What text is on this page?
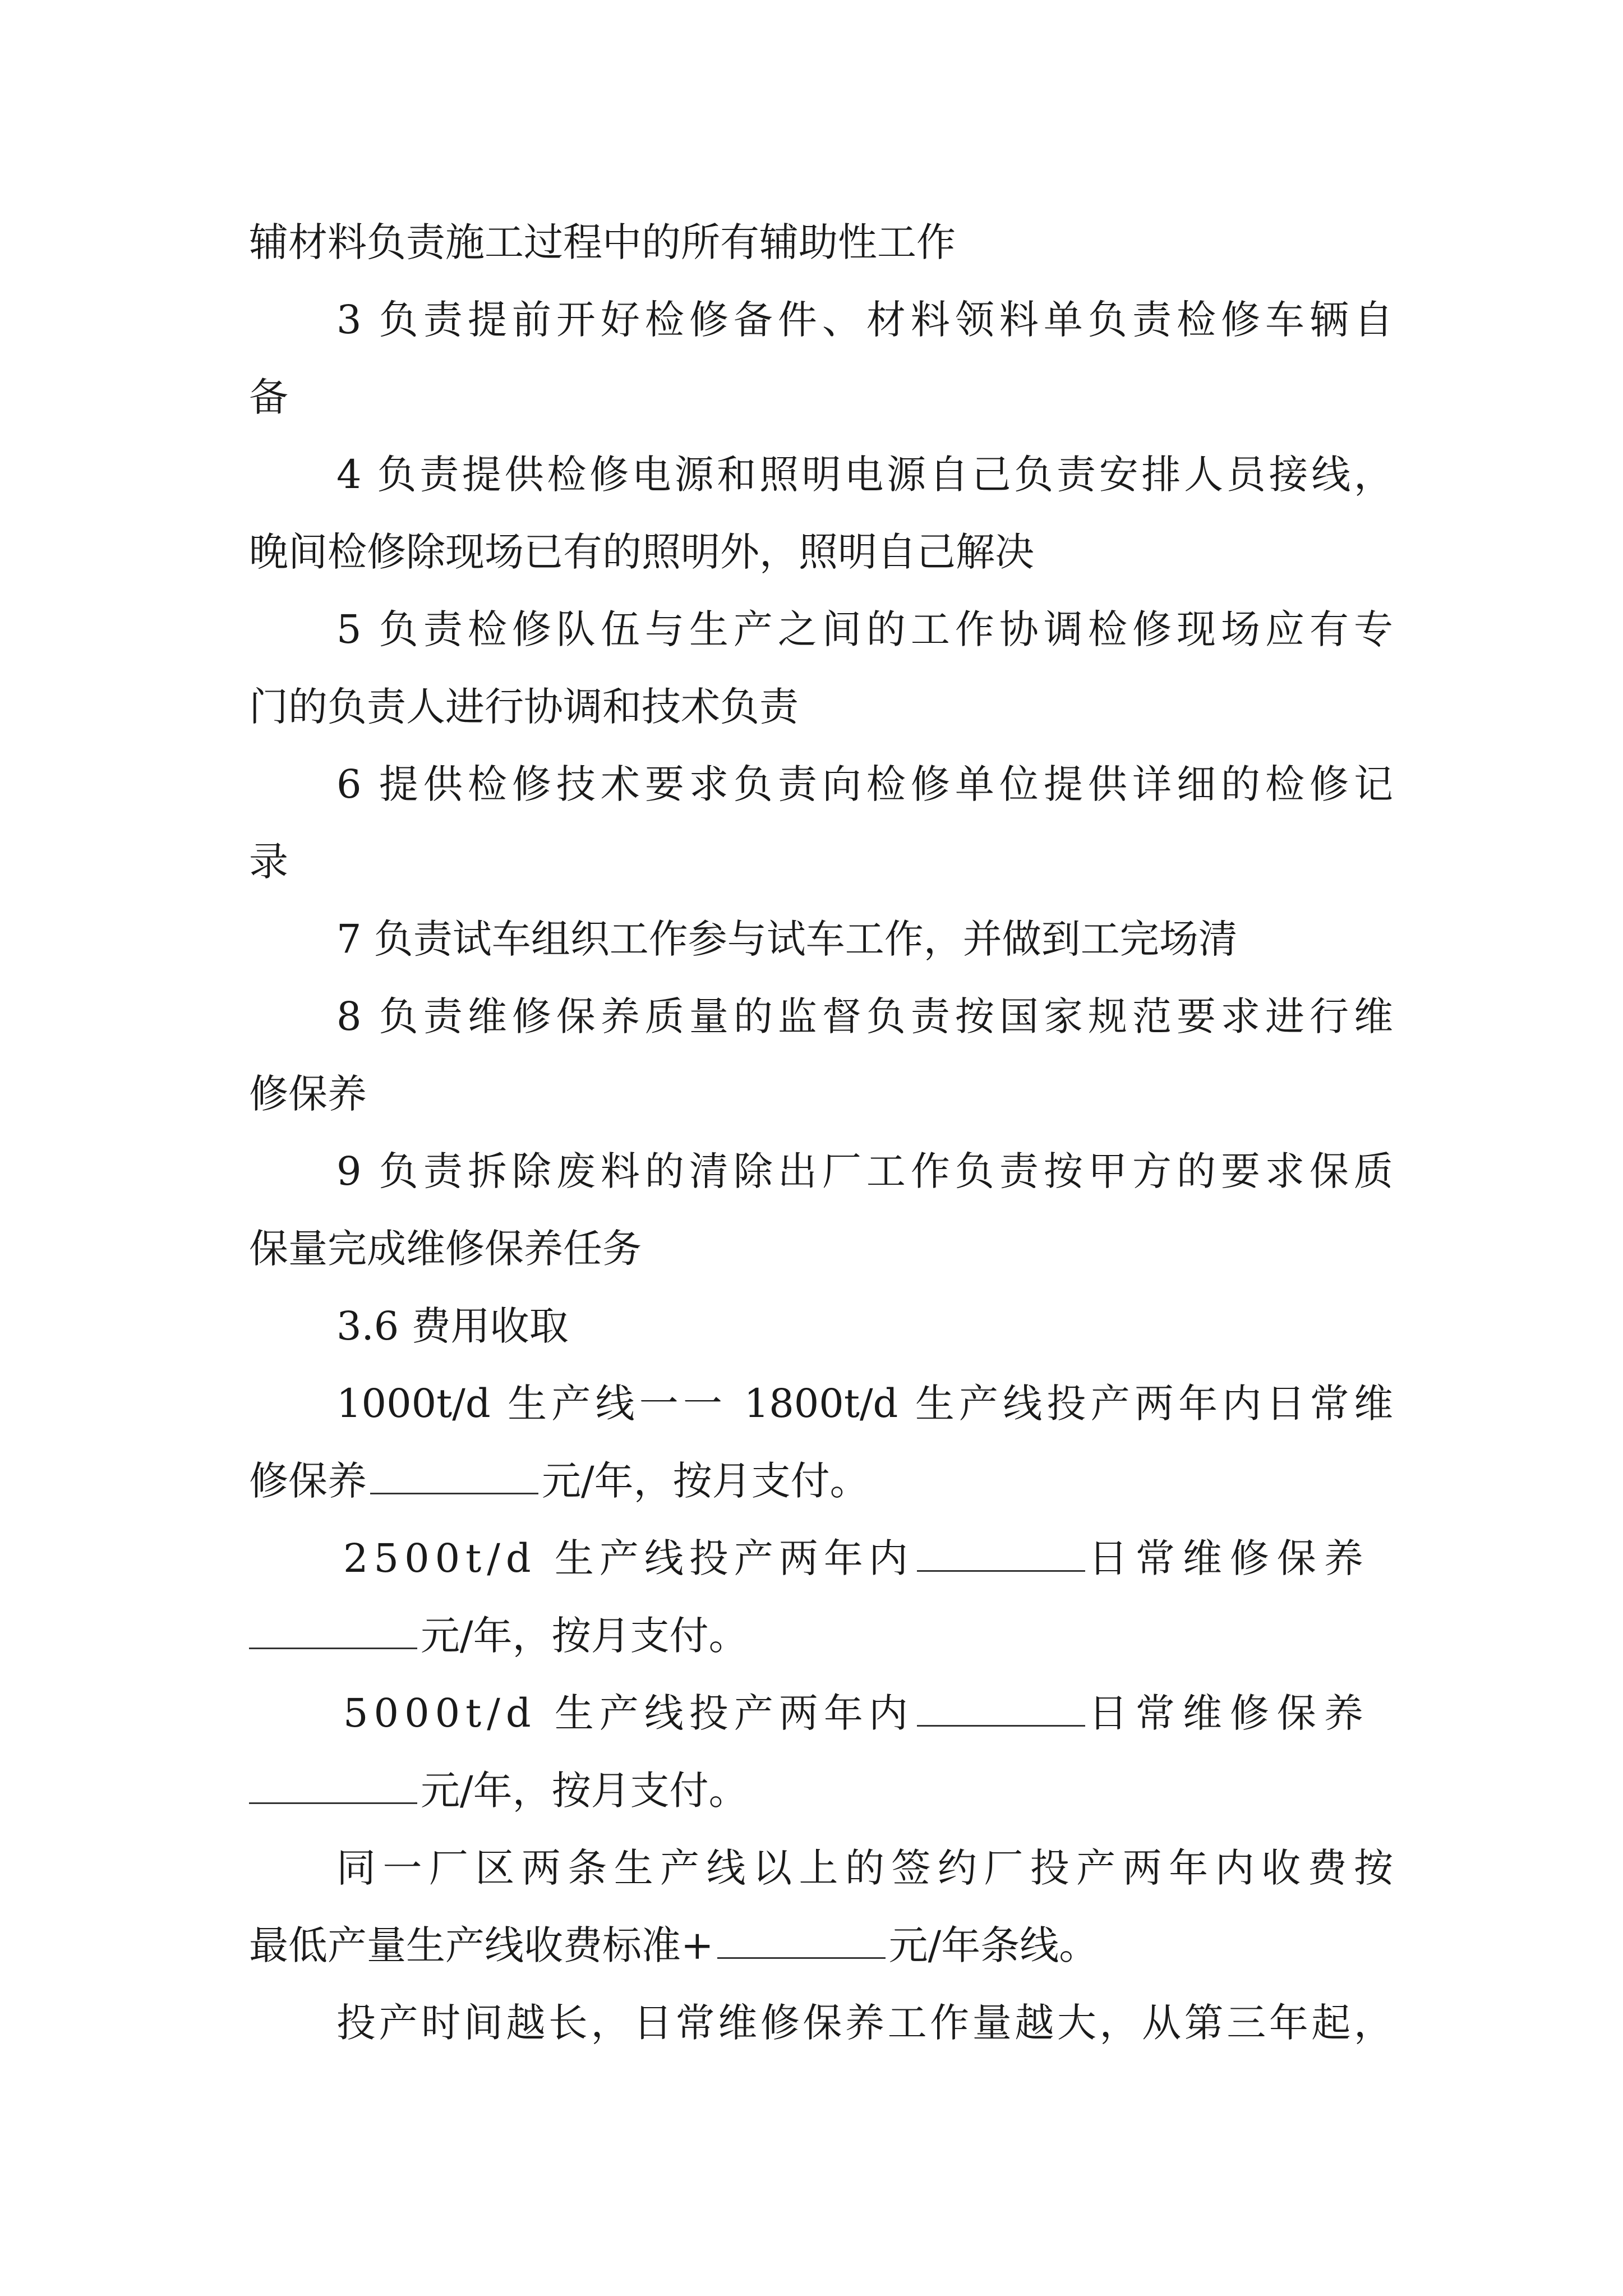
辅材料负责施工过程中的所有辅助性工作

3 负责提前开好检修备件、材料领料单负责检修车辆自

备

4 负责提供检修电源和照明电源自己负责安排人员接线，

晚间检修除现场已有的照明外，照明自己解决

5 负责检修队伍与生产之间的工作协调检修现场应有专

门的负责人进行协调和技术负责

6 提供检修技术要求负责向检修单位提供详细的检修记

录

7 负责试车组织工作参与试车工作，并做到工完场清

8 负责维修保养质量的监督负责按国家规范要求进行维

修保养

9 负责拆除废料的清除出厂工作负责按甲方的要求保质

保量完成维修保养任务

3.6 费用收取

1000t/d 生产线一一 1800t/d 生产线投产两年内日常维

修保养	元/年，按月支付。

2500t/d 生产线投产两年内	日常维修保养

元/年，按月支付。

5000t/d 生产线投产两年内	日常维修保养

元/年，按月支付。

同一厂区两条生产线以上的签约厂投产两年内收费按

最低产量生产线收费标准+	元/年条线。

投产时间越长，日常维修保养工作量越大，从第三年起，
